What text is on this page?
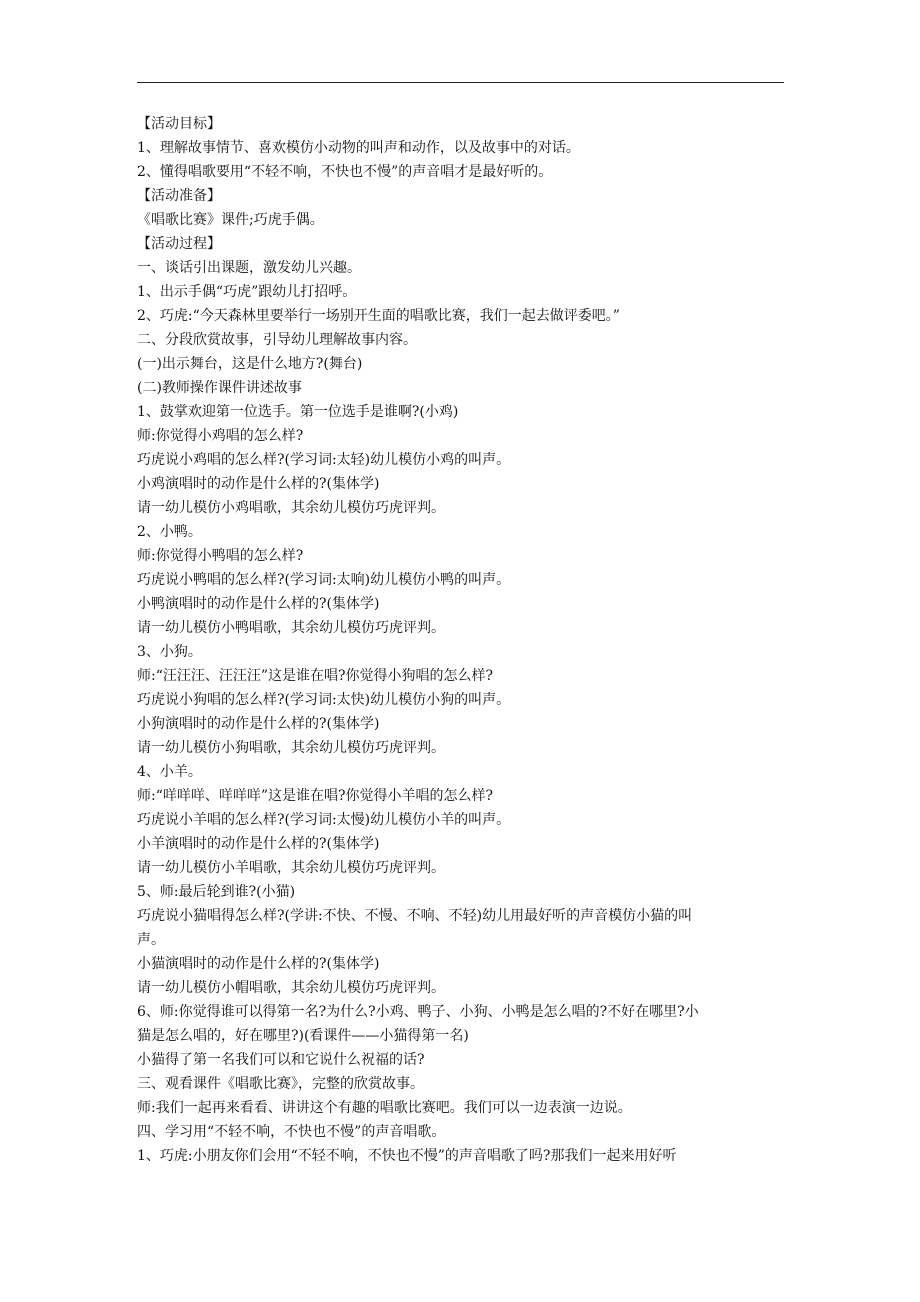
【活动目标】
1、理解故事情节、喜欢模仿小动物的叫声和动作，以及故事中的对话。
2、懂得唱歌要用“不轻不响，不快也不慢”的声音唱才是最好听的。
【活动准备】
《唱歌比赛》课件;巧虎手偶。
【活动过程】
一、谈话引出课题，激发幼儿兴趣。
1、出示手偶“巧虎”跟幼儿打招呼。
2、巧虎:“今天森林里要举行一场别开生面的唱歌比赛，我们一起去做评委吧。”
二、分段欣赏故事，引导幼儿理解故事内容。
(一)出示舞台，这是什么地方?(舞台)
(二)教师操作课件讲述故事
1、鼓掌欢迎第一位选手。第一位选手是谁啊?(小鸡)
师:你觉得小鸡唱的怎么样?
巧虎说小鸡唱的怎么样?(学习词:太轻)幼儿模仿小鸡的叫声。
小鸡演唱时的动作是什么样的?(集体学)
请一幼儿模仿小鸡唱歌，其余幼儿模仿巧虎评判。
2、小鸭。
师:你觉得小鸭唱的怎么样?
巧虎说小鸭唱的怎么样?(学习词:太响)幼儿模仿小鸭的叫声。
小鸭演唱时的动作是什么样的?(集体学)
请一幼儿模仿小鸭唱歌，其余幼儿模仿巧虎评判。
3、小狗。
师:“汪汪汪、汪汪汪”这是谁在唱?你觉得小狗唱的怎么样?
巧虎说小狗唱的怎么样?(学习词:太快)幼儿模仿小狗的叫声。
小狗演唱时的动作是什么样的?(集体学)
请一幼儿模仿小狗唱歌，其余幼儿模仿巧虎评判。
4、小羊。
师:“咩咩咩、咩咩咩”这是谁在唱?你觉得小羊唱的怎么样?
巧虎说小羊唱的怎么样?(学习词:太慢)幼儿模仿小羊的叫声。
小羊演唱时的动作是什么样的?(集体学)
请一幼儿模仿小羊唱歌，其余幼儿模仿巧虎评判。
5、师:最后轮到谁?(小猫)
巧虎说小猫唱得怎么样?(学讲:不快、不慢、不响、不轻)幼儿用最好听的声音模仿小猫的叫
声。
小猫演唱时的动作是什么样的?(集体学)
请一幼儿模仿小帽唱歌，其余幼儿模仿巧虎评判。
6、师:你觉得谁可以得第一名?为什么?小鸡、鸭子、小狗、小鸭是怎么唱的?不好在哪里?小
猫是怎么唱的，好在哪里?)(看课件——小猫得第一名)
小猫得了第一名我们可以和它说什么祝福的话?
三、观看课件《唱歌比赛》，完整的欣赏故事。
师:我们一起再来看看、讲讲这个有趣的唱歌比赛吧。我们可以一边表演一边说。
四、学习用“不轻不响，不快也不慢”的声音唱歌。
1、巧虎:小朋友你们会用“不轻不响，不快也不慢”的声音唱歌了吗?那我们一起来用好听
